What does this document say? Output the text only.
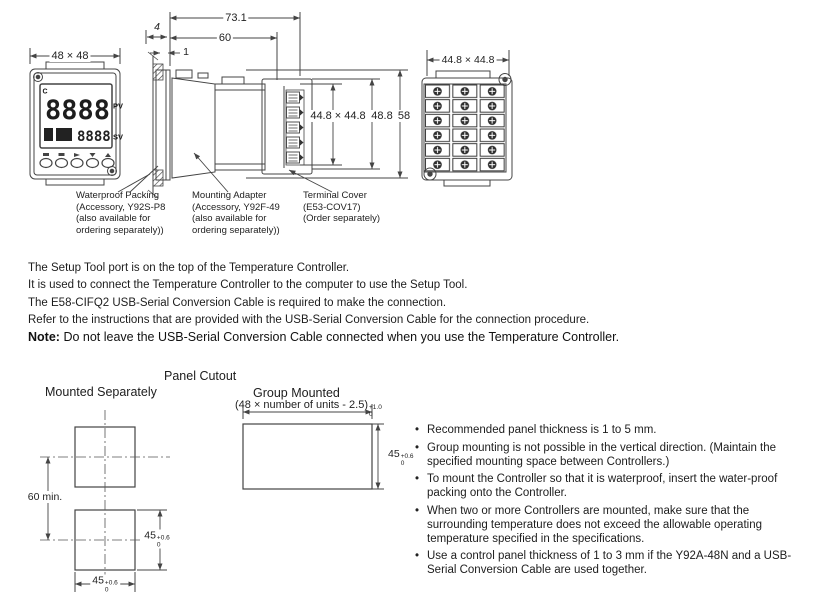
8888
8888
48 × 48
73.1
60
4
1
44.8 × 44.8 48.8 58
44.8 × 44.8
C
PV
SV
Waterproof Packing
(Accessory, Y92S-P8
(also available for
ordering separately))
Mounting Adapter
(Accessory, Y92F-49
(also available for
ordering separately))
Terminal Cover
(E53-COV17)
(Order separately)
The Setup Tool port is on the top of the Temperature Controller.
It is used to connect the Temperature Controller to the computer to use the Setup Tool.
The E58-CIFQ2 USB-Serial Conversion Cable is required to make the connection.
Refer to the instructions that are provided with the USB-Serial Conversion Cable for the connection procedure.
Note: Do not leave the USB-Serial Conversion Cable connected when you use the Temperature Controller.
Panel Cutout
Mounted Separately	Group Mounted
(48 × number of units - 2.5) +1.0
0
60 min.
45 +0.6
0
45 +0.6
0
45 +0.6
0
• Recommended panel thickness is 1 to 5 mm.
• Group mounting is not possible in the vertical direction. (Maintain the specified mounting space between Controllers.)
• To mount the Controller so that it is waterproof, insert the water-proof packing onto the Controller.
• When two or more Controllers are mounted, make sure that the surrounding temperature does not exceed the allowable operating temperature specified in the specifications.
• Use a control panel thickness of 1 to 3 mm if the Y92A-48N and a USB-Serial Conversion Cable are used together.
